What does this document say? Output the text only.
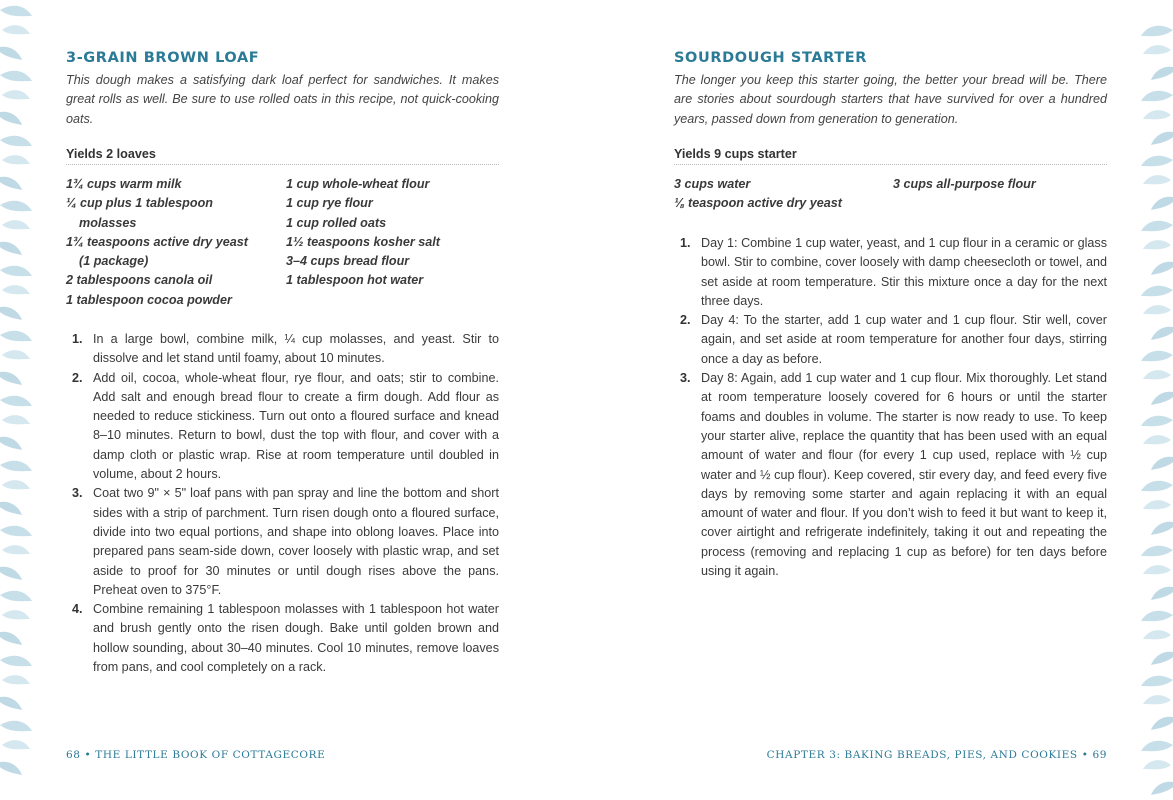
3-GRAIN BROWN LOAF

This dough makes a satisfying dark loaf perfect for sandwiches. It makes great rolls as well. Be sure to use rolled oats in this recipe, not quick-cooking oats.

Yields 2 loaves
1¾ cups warm milk
¼ cup plus 1 tablespoon
molasses
1¾ teaspoons active dry yeast
(1 package)
2 tablespoons canola oil
1 tablespoon cocoa powder
1 cup whole-wheat flour
1 cup rye flour
1 cup rolled oats
1½ teaspoons kosher salt
3–4 cups bread flour
1 tablespoon hot water
1. In a large bowl, combine milk, ¼ cup molasses, and yeast. Stir to dissolve and let stand until foamy, about 10 minutes.
2. Add oil, cocoa, whole-wheat flour, rye flour, and oats; stir to combine. Add salt and enough bread flour to create a firm dough. Add flour as needed to reduce stickiness. Turn out onto a floured surface and knead 8–10 minutes. Return to bowl, dust the top with flour, and cover with a damp cloth or plastic wrap. Rise at room temperature until doubled in volume, about 2 hours.
3. Coat two 9" × 5" loaf pans with pan spray and line the bottom and short sides with a strip of parchment. Turn risen dough onto a floured surface, divide into two equal portions, and shape into oblong loaves. Place into prepared pans seam-side down, cover loosely with plastic wrap, and set aside to proof for 30 minutes or until dough rises above the pans. Preheat oven to 375°F.
4. Combine remaining 1 tablespoon molasses with 1 tablespoon hot water and brush gently onto the risen dough. Bake until golden brown and hollow sounding, about 30–40 minutes. Cool 10 minutes, remove loaves from pans, and cool completely on a rack.
68 • THE LITTLE BOOK OF COTTAGECORE
SOURDOUGH STARTER

The longer you keep this starter going, the better your bread will be. There are stories about sourdough starters that have survived for over a hundred years, passed down from generation to generation.

Yields 9 cups starter
3 cups water
⅛ teaspoon active dry yeast
3 cups all-purpose flour
1. Day 1: Combine 1 cup water, yeast, and 1 cup flour in a ceramic or glass bowl. Stir to combine, cover loosely with damp cheesecloth or towel, and set aside at room temperature. Stir this mixture once a day for the next three days.
2. Day 4: To the starter, add 1 cup water and 1 cup flour. Stir well, cover again, and set aside at room temperature for another four days, stirring once a day as before.
3. Day 8: Again, add 1 cup water and 1 cup flour. Mix thoroughly. Let stand at room temperature loosely covered for 6 hours or until the starter foams and doubles in volume. The starter is now ready to use. To keep your starter alive, replace the quantity that has been used with an equal amount of water and flour (for every 1 cup used, replace with ½ cup water and ½ cup flour). Keep covered, stir every day, and feed every five days by removing some starter and again replacing it with an equal amount of water and flour. If you don’t wish to feed it but want to keep it, cover airtight and refrigerate indefinitely, taking it out and repeating the process (removing and replacing 1 cup as before) for ten days before using it again.
CHAPTER 3: BAKING BREADS, PIES, AND COOKIES • 69
